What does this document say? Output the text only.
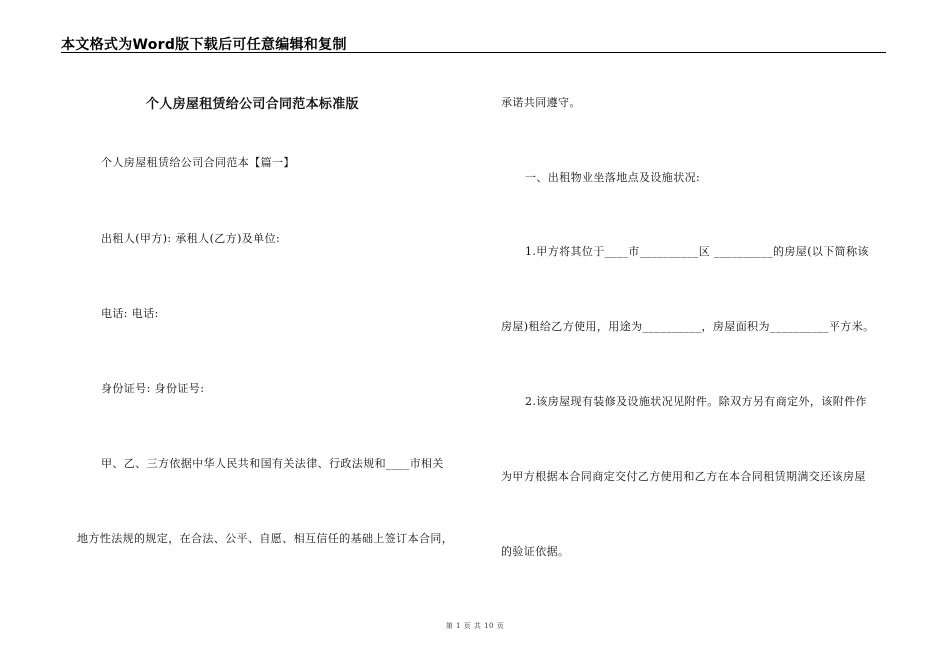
本文格式为Word版下载后可任意编辑和复制
个人房屋租赁给公司合同范本标准版
个人房屋租赁给公司合同范本【篇一】
出租人(甲方): 承租人(乙方)及单位:
电话: 电话:
身份证号: 身份证号:
甲、乙、三方依据中华人民共和国有关法律、行政法规和____市相关
地方性法规的规定，在合法、公平、自愿、相互信任的基础上签订本合同，
承诺共同遵守。
一、出租物业坐落地点及设施状况:
1.甲方将其位于____市__________区 __________的房屋(以下简称该
房屋)租给乙方使用，用途为__________，房屋面积为__________平方米。
2.该房屋现有装修及设施状况见附件。除双方另有商定外，该附件作
为甲方根据本合同商定交付乙方使用和乙方在本合同租赁期满交还该房屋
的验证依据。
第 1 页 共 10 页
